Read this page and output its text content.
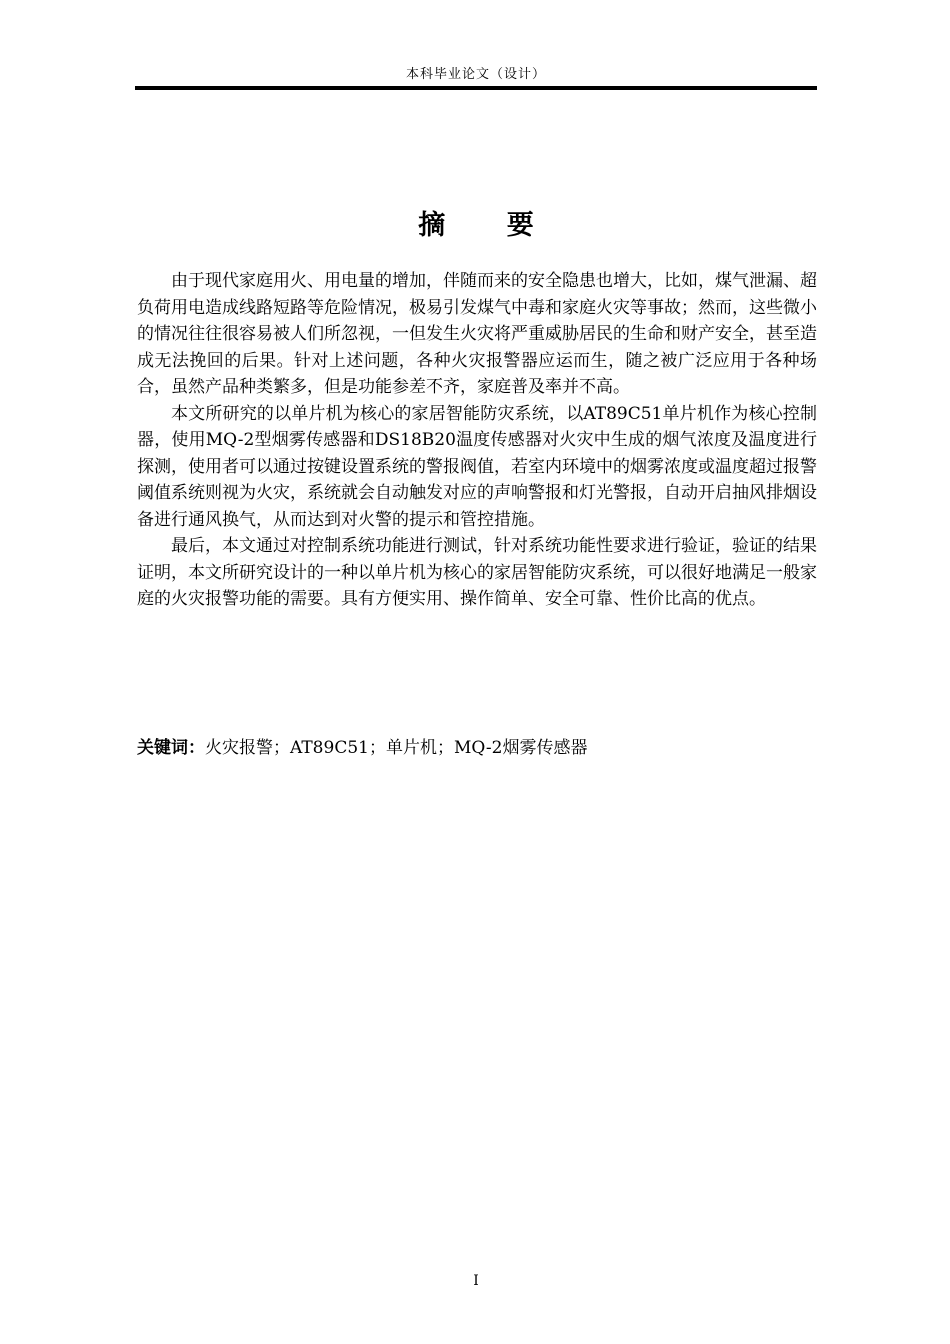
本科毕业论文（设计）
摘 要

由于现代家庭用火、用电量的增加，伴随而来的安全隐患也增大，比如，煤气泄漏、超负荷用电造成线路短路等危险情况，极易引发煤气中毒和家庭火灾等事故；然而，这些微小的情况往往很容易被人们所忽视，一但发生火灾将严重威胁居民的生命和财产安全，甚至造成无法挽回的后果。针对上述问题，各种火灾报警器应运而生，随之被广泛应用于各种场合，虽然产品种类繁多，但是功能参差不齐，家庭普及率并不高。

本文所研究的以单片机为核心的家居智能防灾系统，以AT89C51单片机作为核心控制器，使用MQ-2型烟雾传感器和DS18B20温度传感器对火灾中生成的烟气浓度及温度进行探测，使用者可以通过按键设置系统的警报阀值，若室内环境中的烟雾浓度或温度超过报警阈值系统则视为火灾，系统就会自动触发对应的声响警报和灯光警报，自动开启抽风排烟设备进行通风换气，从而达到对火警的提示和管控措施。

最后，本文通过对控制系统功能进行测试，针对系统功能性要求进行验证，验证的结果证明，本文所研究设计的一种以单片机为核心的家居智能防灾系统，可以很好地满足一般家庭的火灾报警功能的需要。具有方便实用、操作简单、安全可靠、性价比高的优点。

关键词：火灾报警；AT89C51；单片机；MQ-2烟雾传感器
I
